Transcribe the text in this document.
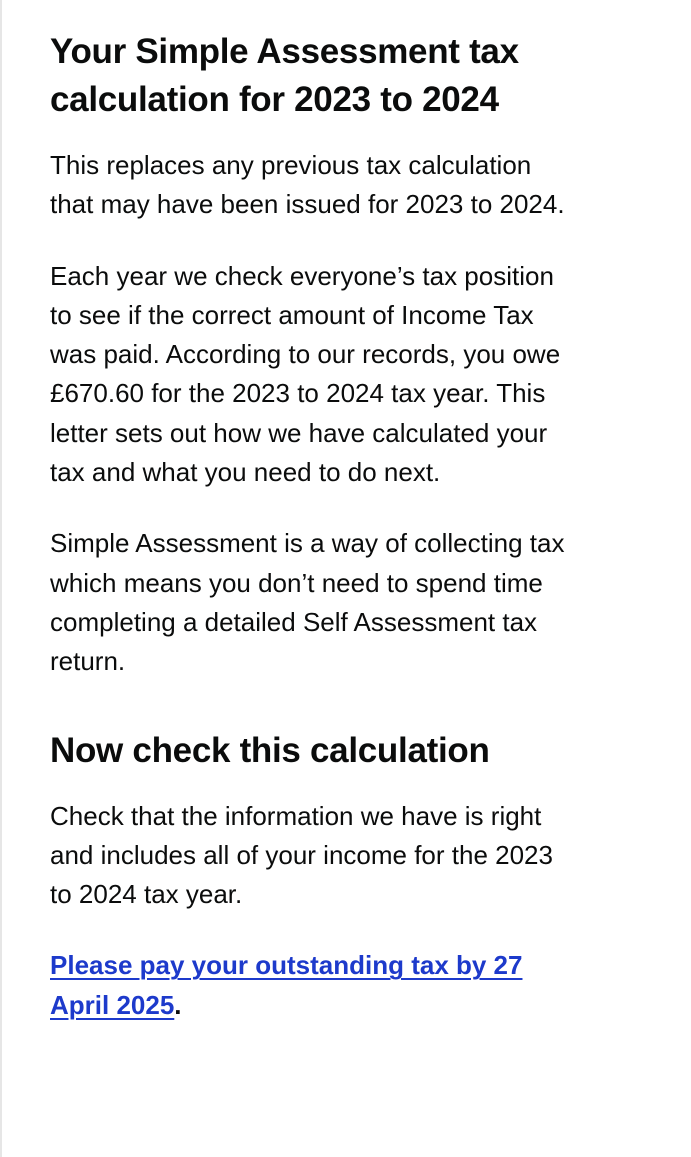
Your Simple Assessment tax calculation for 2023 to 2024

This replaces any previous tax calculation that may have been issued for 2023 to 2024.

Each year we check everyone’s tax position to see if the correct amount of Income Tax was paid. According to our records, you owe £670.60 for the 2023 to 2024 tax year. This letter sets out how we have calculated your tax and what you need to do next.

Simple Assessment is a way of collecting tax which means you don’t need to spend time completing a detailed Self Assessment tax return.

Now check this calculation

Check that the information we have is right and includes all of your income for the 2023 to 2024 tax year.

Please pay your outstanding tax by 27 April 2025.
